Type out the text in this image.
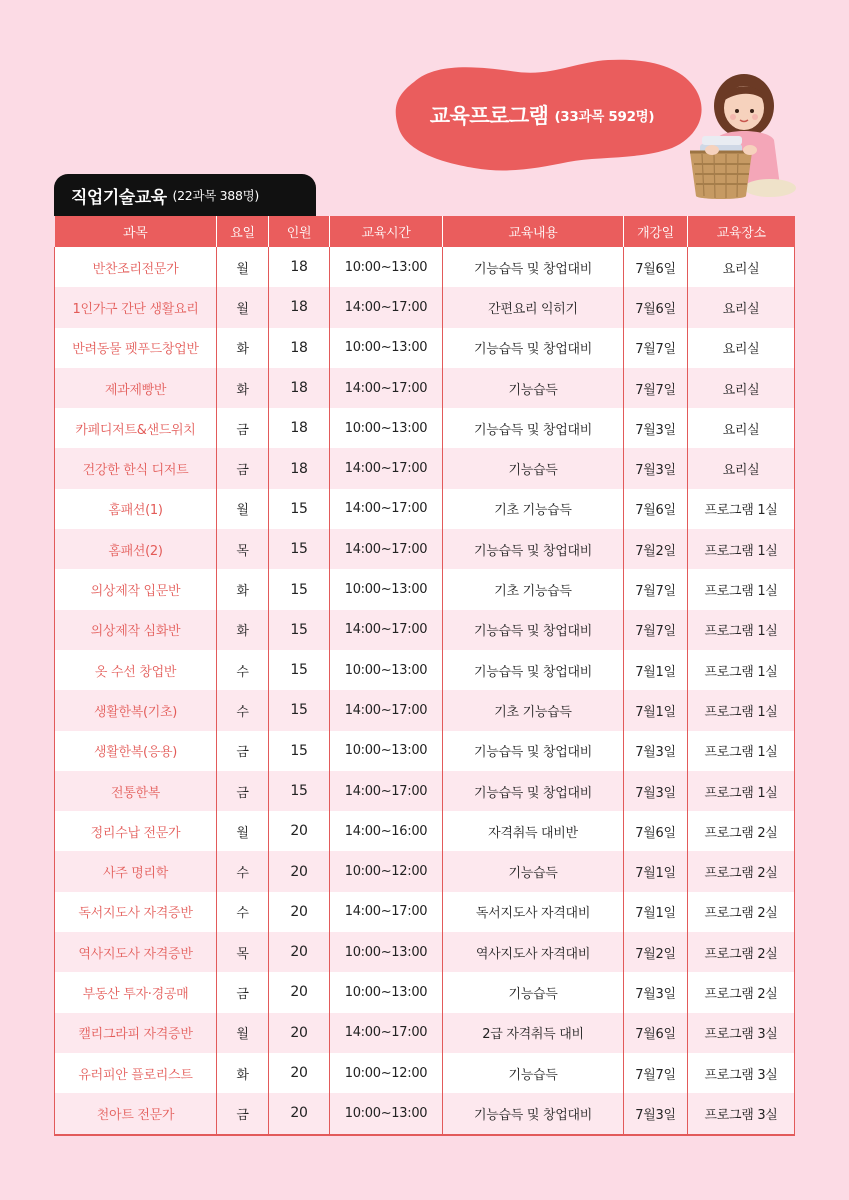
교육프로그램 (33과목 592명)
직업기술교육 (22과목 388명)
과목	요일	인원	교육시간	교육내용	개강일	교육장소
반찬조리전문가	월	18	10:00~13:00	기능습득 및 창업대비	7월6일	요리실
1인가구 간단 생활요리	월	18	14:00~17:00	간편요리 익히기	7월6일	요리실
반려동물 펫푸드창업반	화	18	10:00~13:00	기능습득 및 창업대비	7월7일	요리실
제과제빵반	화	18	14:00~17:00	기능습득	7월7일	요리실
카페디저트&샌드위치	금	18	10:00~13:00	기능습득 및 창업대비	7월3일	요리실
건강한 한식 디저트	금	18	14:00~17:00	기능습득	7월3일	요리실
홈패션(1)	월	15	14:00~17:00	기초 기능습득	7월6일	프로그램 1실
홈패션(2)	목	15	14:00~17:00	기능습득 및 창업대비	7월2일	프로그램 1실
의상제작 입문반	화	15	10:00~13:00	기초 기능습득	7월7일	프로그램 1실
의상제작 심화반	화	15	14:00~17:00	기능습득 및 창업대비	7월7일	프로그램 1실
옷 수선 창업반	수	15	10:00~13:00	기능습득 및 창업대비	7월1일	프로그램 1실
생활한복(기초)	수	15	14:00~17:00	기초 기능습득	7월1일	프로그램 1실
생활한복(응용)	금	15	10:00~13:00	기능습득 및 창업대비	7월3일	프로그램 1실
전통한복	금	15	14:00~17:00	기능습득 및 창업대비	7월3일	프로그램 1실
정리수납 전문가	월	20	14:00~16:00	자격취득 대비반	7월6일	프로그램 2실
사주 명리학	수	20	10:00~12:00	기능습득	7월1일	프로그램 2실
독서지도사 자격증반	수	20	14:00~17:00	독서지도사 자격대비	7월1일	프로그램 2실
역사지도사 자격증반	목	20	10:00~13:00	역사지도사 자격대비	7월2일	프로그램 2실
부동산 투자·경공매	금	20	10:00~13:00	기능습득	7월3일	프로그램 2실
캘리그라피 자격증반	월	20	14:00~17:00	2급 자격취득 대비	7월6일	프로그램 3실
유러피안 플로리스트	화	20	10:00~12:00	기능습득	7월7일	프로그램 3실
천아트 전문가	금	20	10:00~13:00	기능습득 및 창업대비	7월3일	프로그램 3실
